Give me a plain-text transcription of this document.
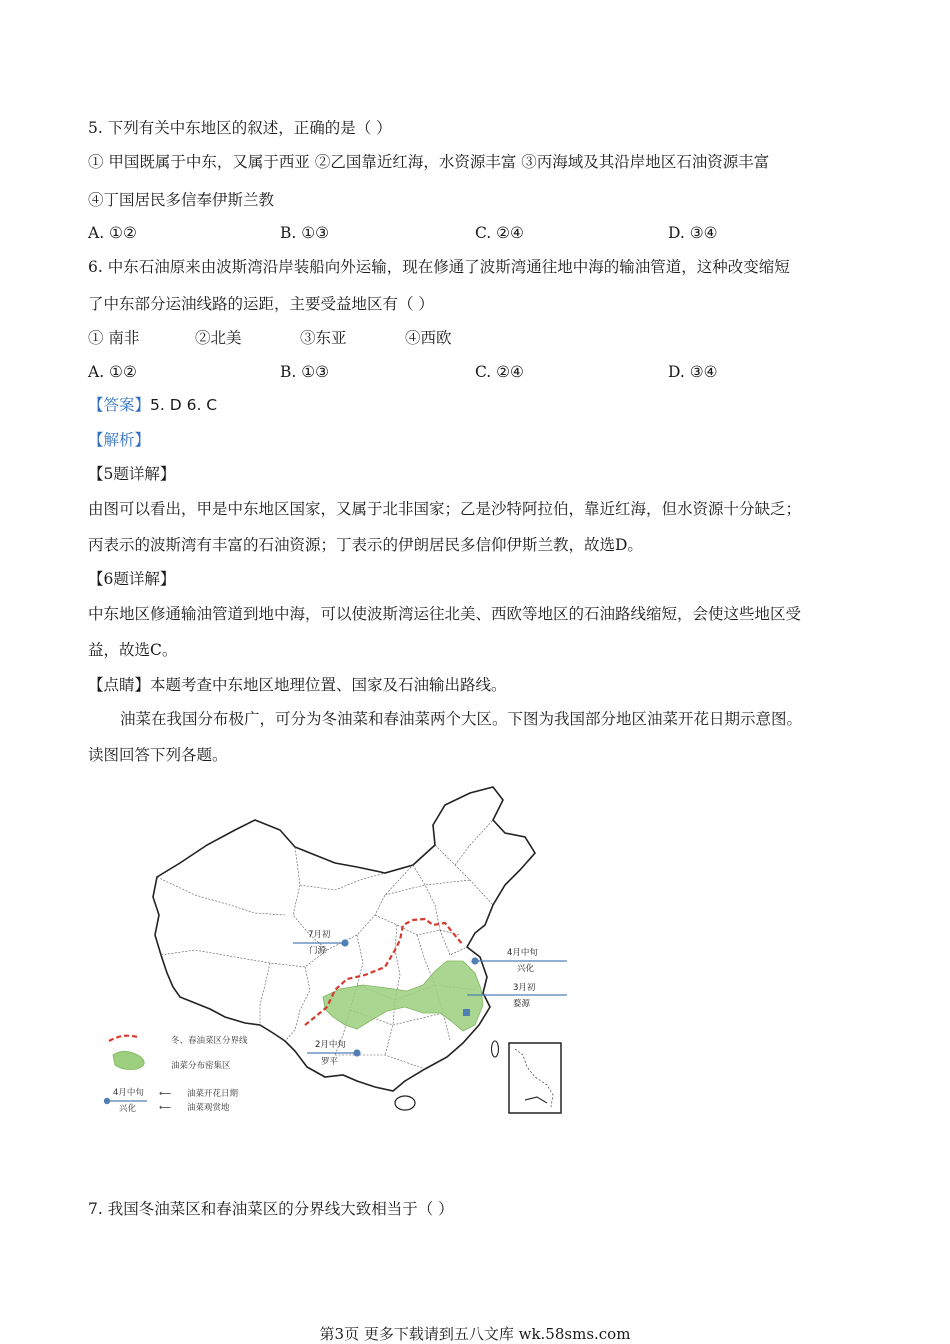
5. 下列有关中东地区的叙述，正确的是（ ）
① 甲国既属于中东，又属于西亚 ②乙国靠近红海，水资源丰富 ③丙海域及其沿岸地区石油资源丰富
④丁国居民多信奉伊斯兰教
A. ①②	B. ①③	C. ②④	D. ③④
6. 中东石油原来由波斯湾沿岸装船向外运输，现在修通了波斯湾通往地中海的输油管道，这种改变缩短
了中东部分运油线路的运距，主要受益地区有（ ）
① 南非	②北美	③东亚	④西欧
A. ①②	B. ①③	C. ②④	D. ③④
【答案】5. D 6. C
【解析】
【5题详解】
由图可以看出，甲是中东地区国家，又属于北非国家；乙是沙特阿拉伯，靠近红海，但水资源十分缺乏；
丙表示的波斯湾有丰富的石油资源；丁表示的伊朗居民多信仰伊斯兰教，故选D。
【6题详解】
中东地区修通输油管道到地中海，可以使波斯湾运往北美、西欧等地区的石油路线缩短，会使这些地区受
益，故选C。
【点睛】本题考查中东地区地理位置、国家及石油输出路线。
油菜在我国分布极广，可分为冬油菜和春油菜两个大区。下图为我国部分地区油菜开花日期示意图。
读图回答下列各题。
7月初
门源	4月中旬
兴化
3月初
婺源
2月中旬
罗平
冬、春油菜区分界线
油菜分布密集区
4月中旬
兴化
⟵
⟵
油菜开花日期
油菜观赏地
7. 我国冬油菜区和春油菜区的分界线大致相当于（ ）
第3页 更多下载请到五八文库 wk.58sms.com
